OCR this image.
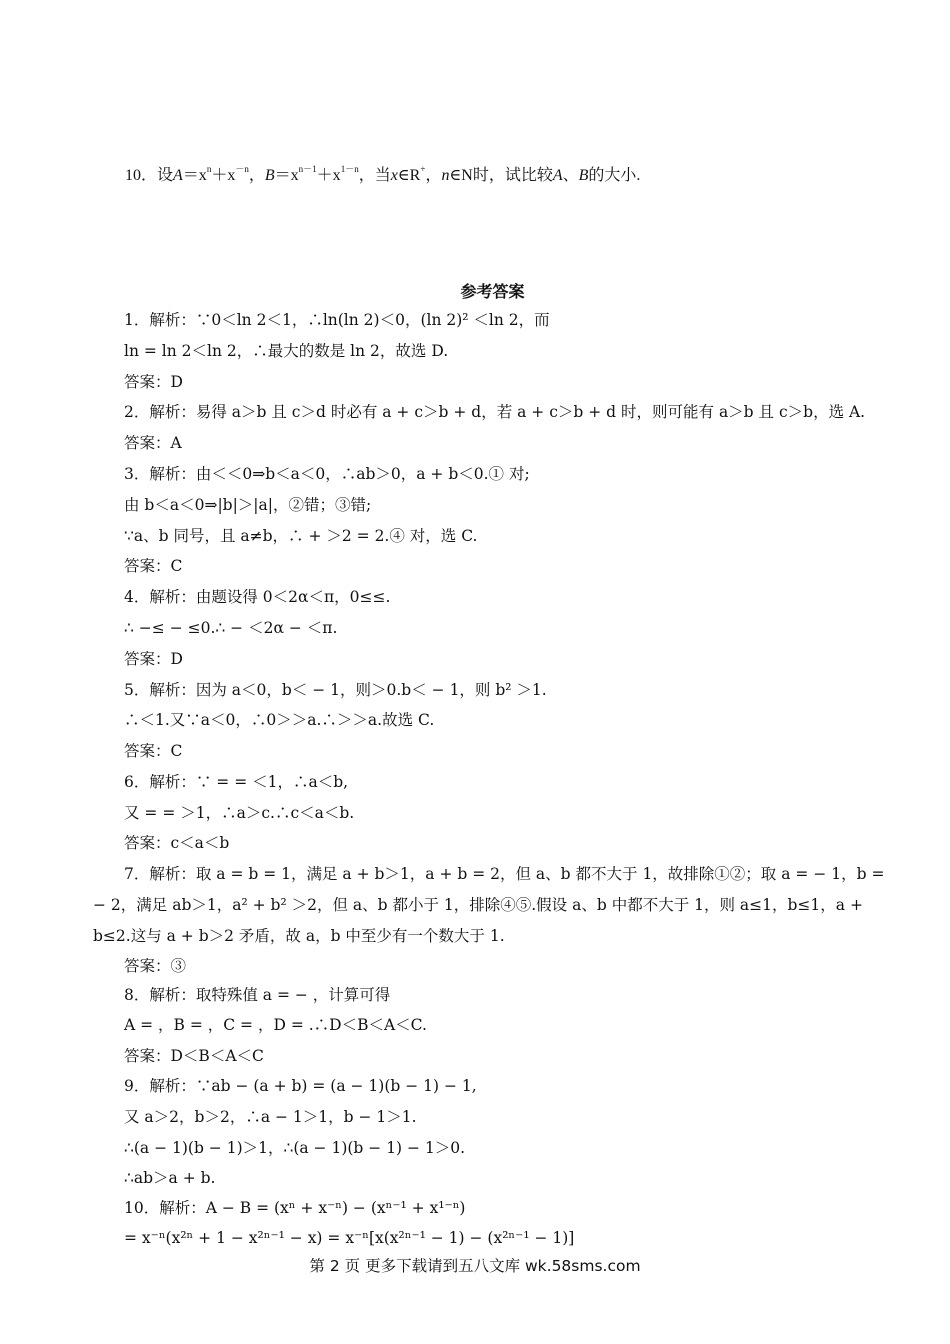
10．设$A=x^n+x^{-n}$，$B=x^{n-1}+x^{1-n}$，当x∈R+，n∈N时，试比较A、B的大小.
参考答案
1．解析：∵0＜ln 2＜1，∴ln(ln 2)＜0，(ln 2)² ＜ln 2，而
ln = ln 2＜ln 2，∴最大的数是 ln 2，故选 D.
答案：D
2．解析：易得 a＞b 且 c＞d 时必有 a + c＞b + d，若 a + c＞b + d 时，则可能有 a＞b 且 c＞b，选 A.
答案：A
3．解析：由＜＜0⇒b＜a＜0，∴ab＞0，a + b＜0.① 对;
由 b＜a＜0⇒|b|＞|a|，②错；③错;
∵a、b 同号，且 a≠b，∴ + ＞2 = 2.④ 对，选 C.
答案：C
4．解析：由题设得 0＜2α＜π，0≤≤.
∴ −≤ − ≤0.∴ − ＜2α − ＜π.
答案：D
5．解析：因为 a＜0，b＜ − 1，则＞0.b＜ − 1，则 b² ＞1.
∴＜1.又∵a＜0，∴0＞＞a.∴＞＞a.故选 C.
答案：C
6．解析：∵ = = ＜1，∴a＜b,
又 = = ＞1，∴a＞c.∴c＜a＜b.
答案：c＜a＜b
7．解析：取 a = b = 1，满足 a + b＞1，a + b = 2，但 a、b 都不大于 1，故排除①②；取 a = − 1，b =
− 2，满足 ab＞1，a² + b² ＞2，但 a、b 都小于 1，排除④⑤.假设 a、b 中都不大于 1，则 a≤1，b≤1，a +
b≤2.这与 a + b＞2 矛盾，故 a，b 中至少有一个数大于 1.
答案：③
8．解析：取特殊值 a = − ，计算可得
A = ，B = ，C = ，D = .∴D＜B＜A＜C.
答案：D＜B＜A＜C
9．解析：∵ab − (a + b) = (a − 1)(b − 1) − 1,
又 a＞2，b＞2，∴a − 1＞1，b − 1＞1.
∴(a − 1)(b − 1)＞1，∴(a − 1)(b − 1) − 1＞0.
∴ab＞a + b.
10．解析：A − B = (xⁿ + x⁻ⁿ) − (xⁿ⁻¹ + x¹⁻ⁿ)
= x⁻ⁿ(x²ⁿ + 1 − x²ⁿ⁻¹ − x) = x⁻ⁿ[x(x²ⁿ⁻¹ − 1) − (x²ⁿ⁻¹ − 1)]
第 2 页 更多下载请到五八文库 wk.58sms.com
